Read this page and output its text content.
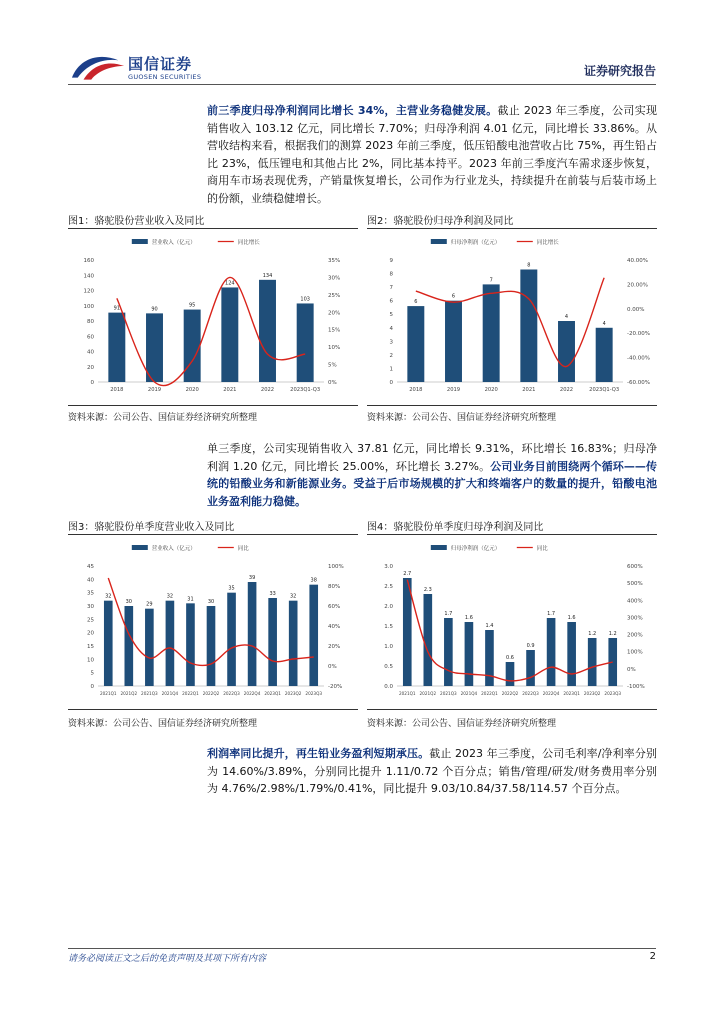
国信证券
GUOSEN SECURITIES	证券研究报告
前三季度归母净利润同比增长 34%，主营业务稳健发展。截止 2023 年三季度，公司实现销售收入 103.12 亿元，同比增长 7.70%；归母净利润 4.01 亿元，同比增长 33.86%。从营收结构来看，根据我们的测算 2023 年前三季度，低压铅酸电池营收占比 75%，再生铅占比 23%，低压锂电和其他占比 2%，同比基本持平。2023 年前三季度汽车需求逐步恢复，商用车市场表现优秀，产销量恢复增长，公司作为行业龙头，持续提升在前装与后装市场上的份额，业绩稳健增长。
图1：骆驼股份营业收入及同比	图2：骆驼股份归母净利润及同比
营业收入（亿元）	同比增长
0
20
40
60
80
100
120
140
160
0%
5%
10%
15%
20%
25%
30%
35%
91
2018
90
2019
95
2020
124
2021
134
2022
103
2023Q1-Q3
归母净利润（亿元）	同比增长
0
1
2
3
4
5
6
7
8
9
-60.00%
-40.00%
-20.00%
0.00%
20.00%
40.00%
6
2018
6
2019
7
2020
8
2021
4
2022
4
2023Q1-Q3
资料来源：公司公告、国信证券经济研究所整理	资料来源：公司公告、国信证券经济研究所整理
单三季度，公司实现销售收入 37.81 亿元，同比增长 9.31%，环比增长 16.83%；归母净利润 1.20 亿元，同比增长 25.00%，环比增长 3.27%。公司业务目前围绕两个循环——传统的铅酸业务和新能源业务。受益于后市场规模的扩大和终端客户的数量的提升，铅酸电池业务盈利能力稳健。
图3：骆驼股份单季度营业收入及同比	图4：骆驼股份单季度归母净利润及同比
营业收入（亿元）	同比
0
5
10
15
20
25
30
35
40
45
-20%
0%
20%
40%
60%
80%
100%
32
2021Q1
30
2021Q2
29
2021Q3
32
2021Q4
31
2022Q1
30
2022Q2
35
2022Q3
39
2022Q4
33
2023Q1
32
2023Q2
38
2023Q3
归母净利润（亿元）	同比
0.0
0.5
1.0
1.5
2.0
2.5
3.0
-100%
0%
100%
200%
300%
400%
500%
600%
2.7
2021Q1
2.3
2021Q2
1.7
2021Q3
1.6
2021Q4
1.4
2022Q1
0.6
2022Q2
0.9
2022Q3
1.7
2022Q4
1.6
2023Q1
1.2
2023Q2
1.2
2023Q3
资料来源：公司公告、国信证券经济研究所整理	资料来源：公司公告、国信证券经济研究所整理
利润率同比提升，再生铅业务盈利短期承压。截止 2023 年三季度，公司毛利率/净利率分别为 14.60%/3.89%，分别同比提升 1.11/0.72 个百分点；销售/管理/研发/财务费用率分别为 4.76%/2.98%/1.79%/0.41%，同比提升 9.03/10.84/37.58/114.57 个百分点。
请务必阅读正文之后的免责声明及其项下所有内容	2
